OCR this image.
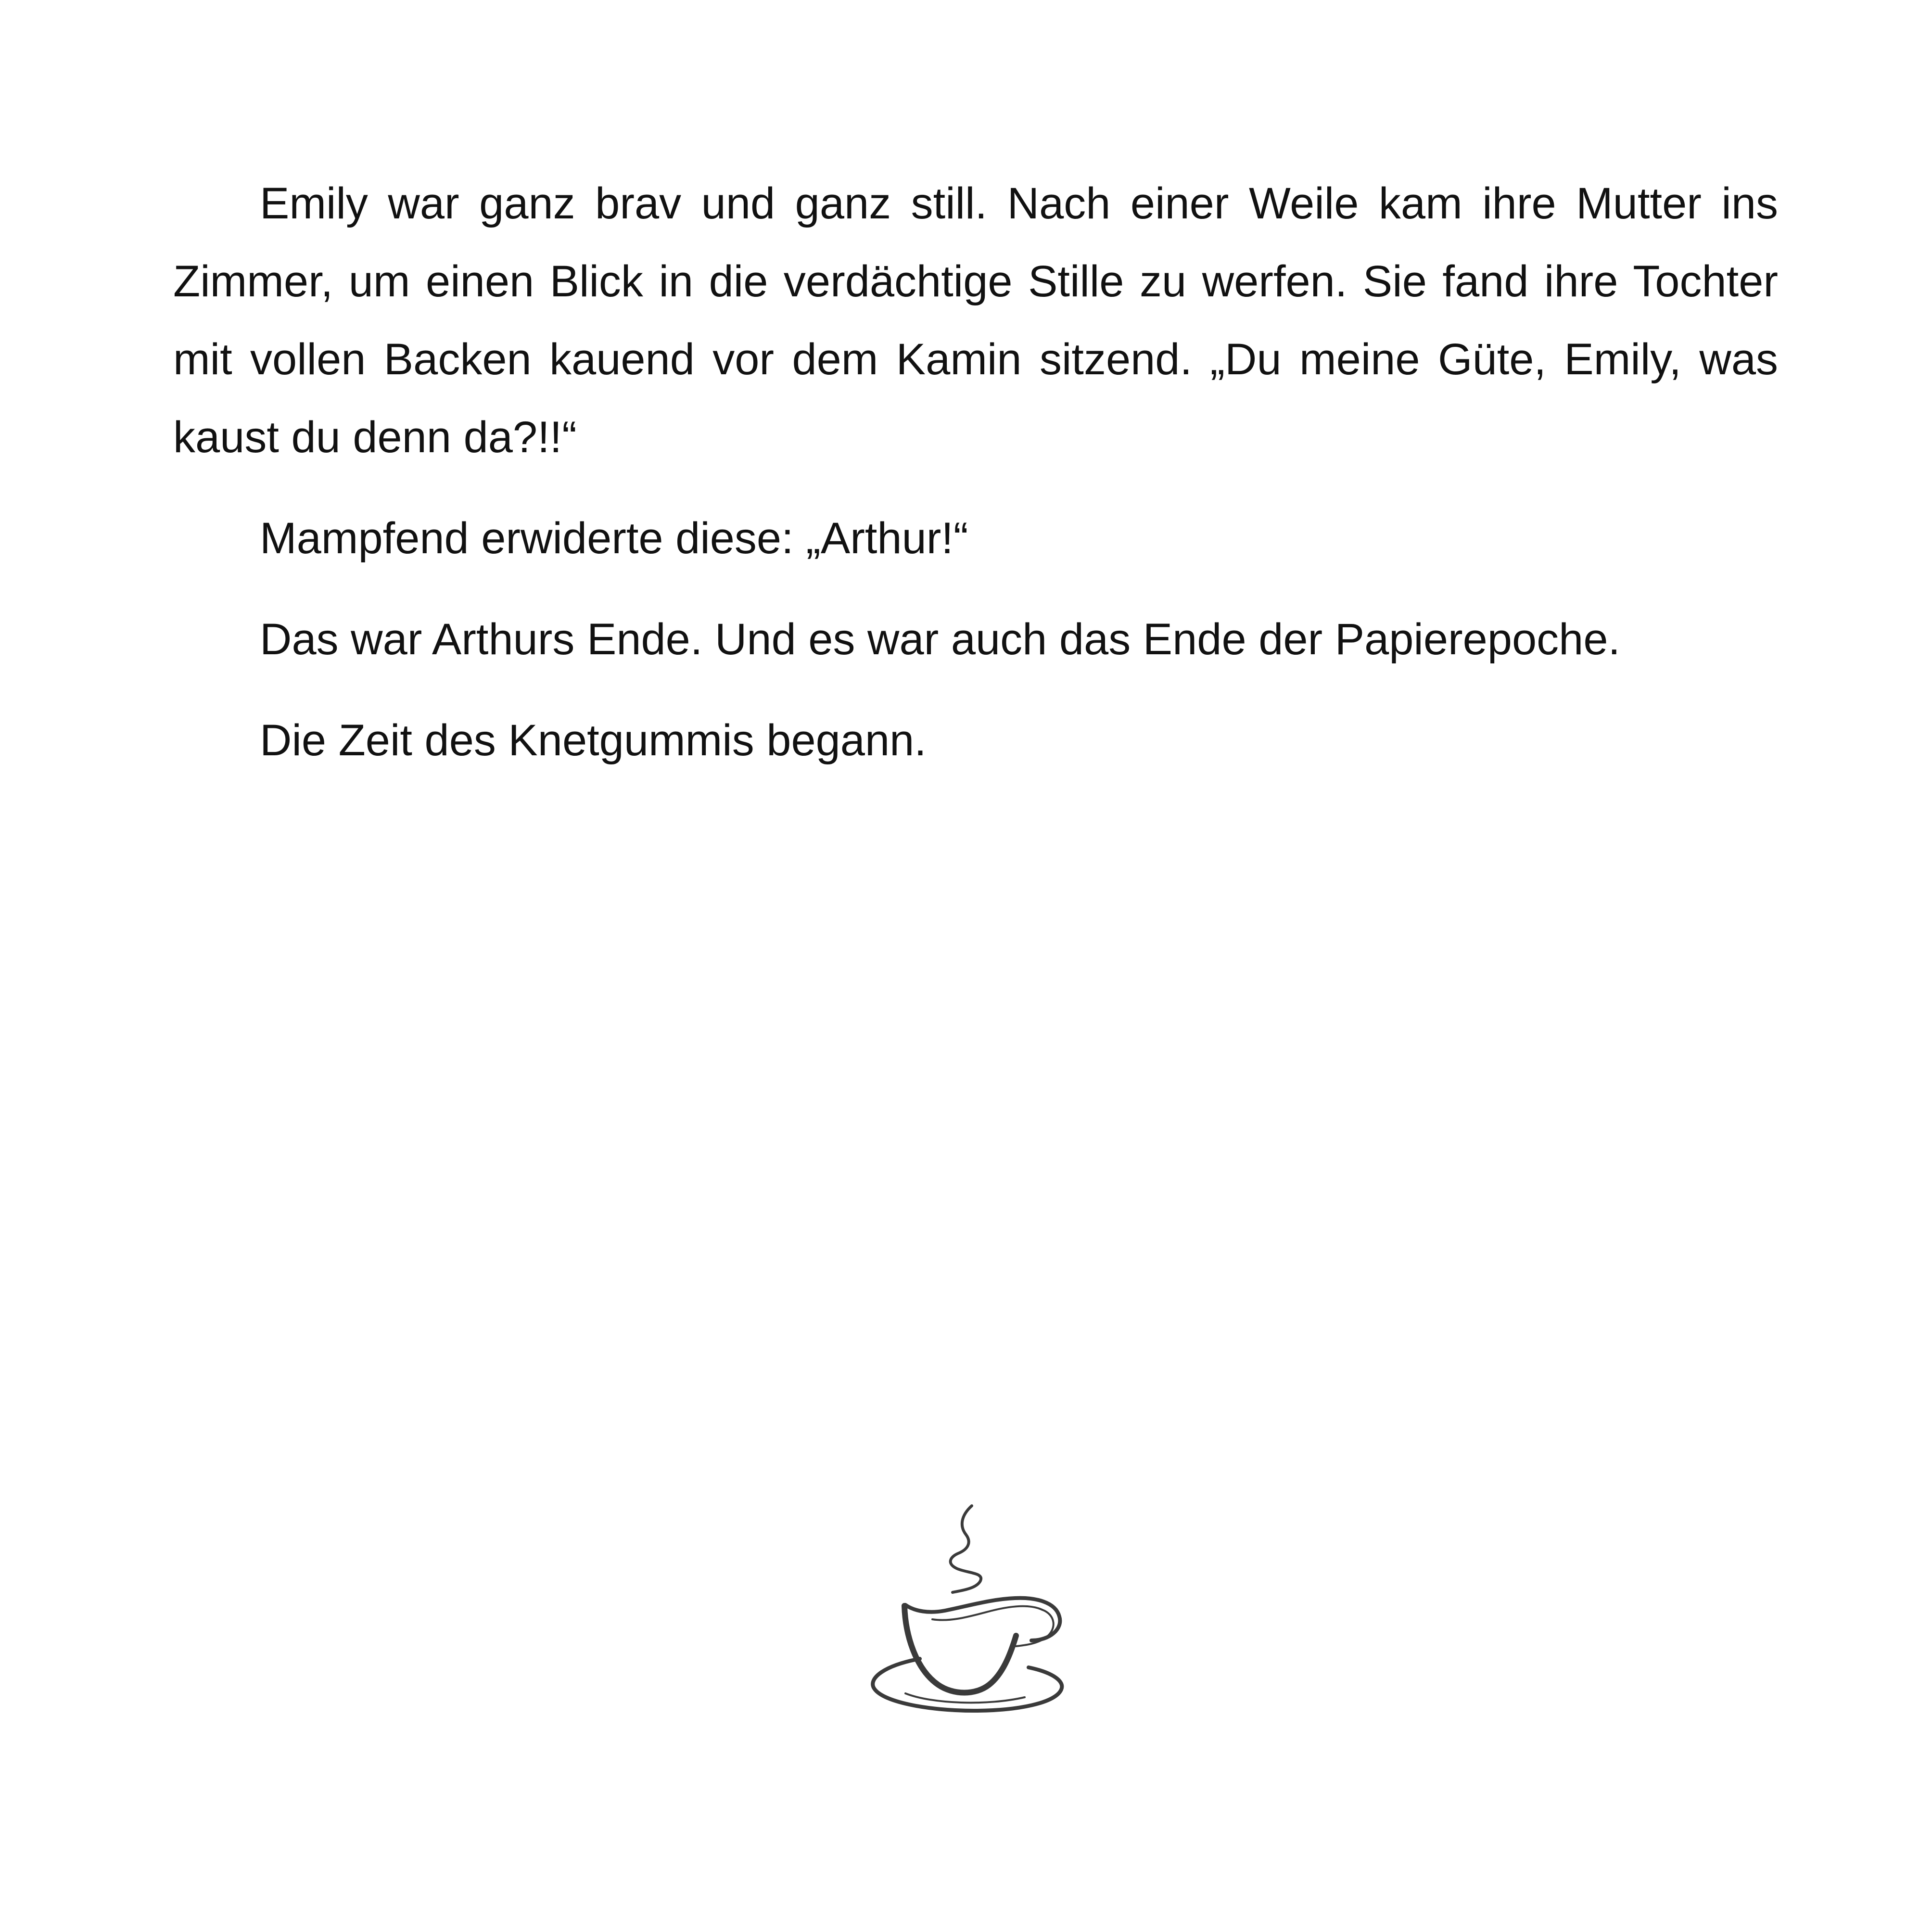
Emily war ganz brav und ganz still. Nach einer Weile kam ihre Mutter ins Zimmer, um einen Blick in die verdächtige Stille zu werfen. Sie fand ihre Tochter mit vollen Backen kauend vor dem Kamin sitzend. „Du meine Güte, Emily, was kaust du denn da?!!“

Mampfend erwiderte diese: „Arthur!“

Das war Arthurs Ende. Und es war auch das Ende der Papierepoche.

Die Zeit des Knetgummis begann.
